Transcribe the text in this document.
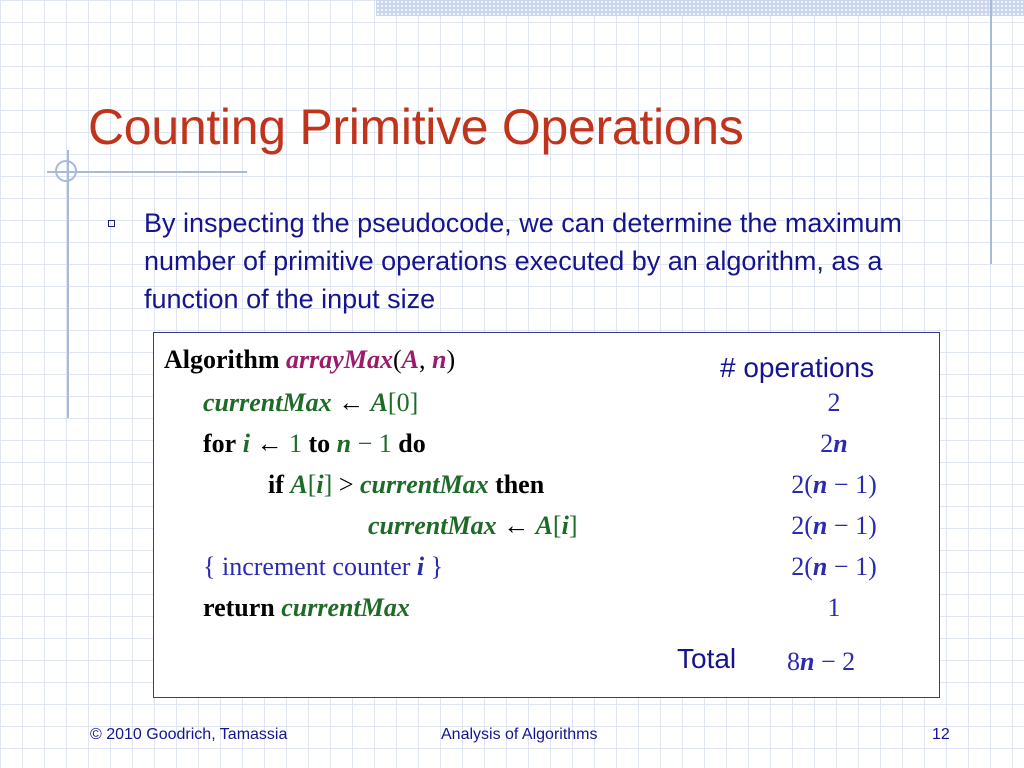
Counting Primitive Operations
By inspecting the pseudocode, we can determine the maximum number of primitive operations executed by an algorithm, as a function of the input size
Algorithm arrayMax(A, n)
currentMax ← A[0]
for i ← 1 to n − 1 do
if A[i] > currentMax then
currentMax ← A[i]
{ increment counter i }
return currentMax
# operations
2
2n
2(n − 1)
2(n − 1)
2(n − 1)
1
Total 8n − 2
© 2010 Goodrich, Tamassia	Analysis of Algorithms	12
